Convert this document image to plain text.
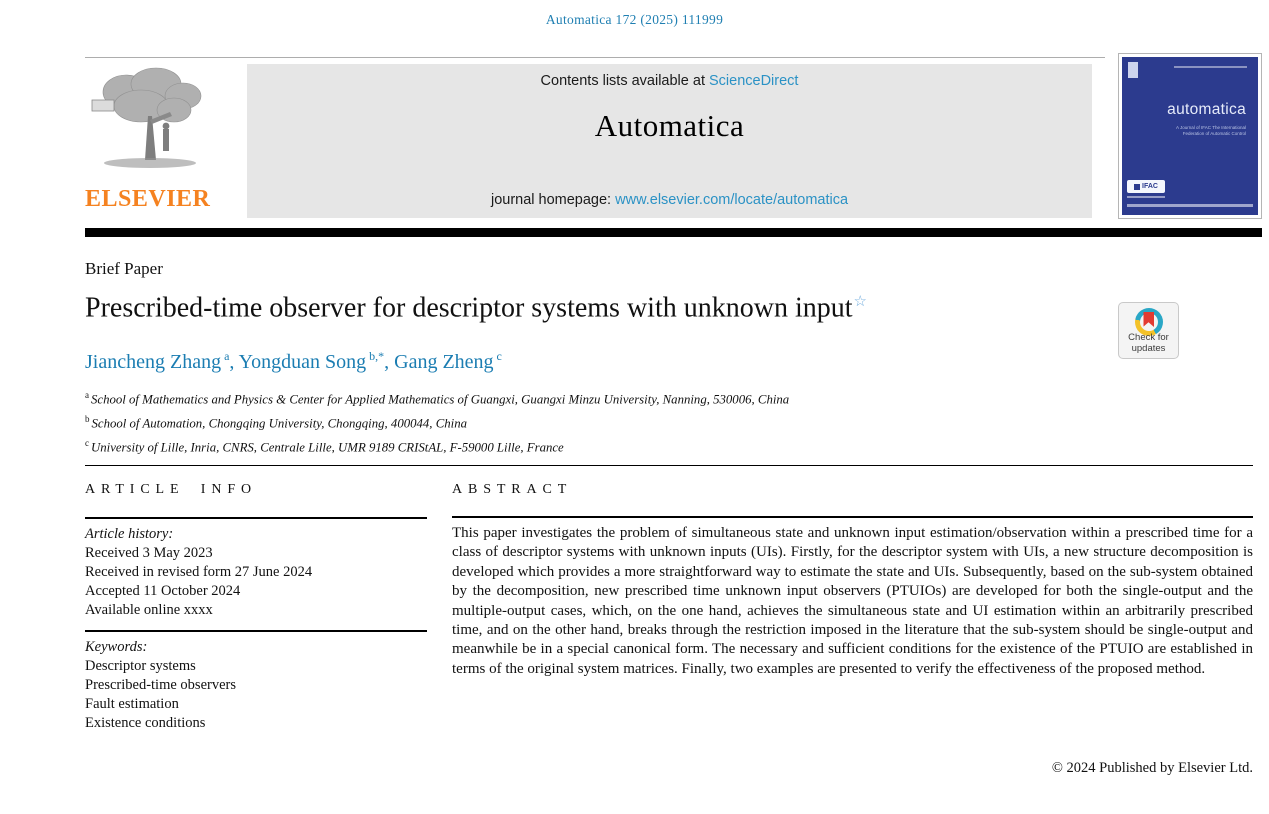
Automatica 172 (2025) 111999
ELSEVIER
Contents lists available at ScienceDirect
Automatica
journal homepage: www.elsevier.com/locate/automatica
automatica
A Journal of IFAC The International
Federation of Automatic Control
IFAC
Brief Paper
Prescribed-time observer for descriptor systems with unknown input☆
Check for
updates
Jiancheng Zhang $^a$, Yongduan Song $^{b,*}$, Gang Zheng $^c$
$^a$ School of Mathematics and Physics & Center for Applied Mathematics of Guangxi, Guangxi Minzu University, Nanning, 530006, China
$^b$ School of Automation, Chongqing University, Chongqing, 400044, China
$^c$ University of Lille, Inria, CNRS, Centrale Lille, UMR 9189 CRIStAL, F-59000 Lille, France
ARTICLE INFO
Article history:
Received 3 May 2023
Received in revised form 27 June 2024
Accepted 11 October 2024
Available online xxxx
Keywords:
Descriptor systems
Prescribed-time observers
Fault estimation
Existence conditions
ABSTRACT

This paper investigates the problem of simultaneous state and unknown input estimation/observation within a prescribed time for a class of descriptor systems with unknown inputs (UIs). Firstly, for the descriptor system with UIs, a new structure decomposition is developed which provides a more straightforward way to estimate the state and UIs. Subsequently, based on the sub-system obtained by the decomposition, new prescribed time unknown input observers (PTUIOs) are developed for both the single-output and the multiple-output cases, which, on the one hand, achieves the simultaneous state and UI estimation within an arbitrarily prescribed time, and on the other hand, breaks through the restriction imposed in the literature that the sub-system should be single-output and meanwhile be in a special canonical form. The necessary and sufficient conditions for the existence of the PTUIO are established in terms of the original system matrices. Finally, two examples are presented to verify the effectiveness of the proposed method.

© 2024 Published by Elsevier Ltd.
